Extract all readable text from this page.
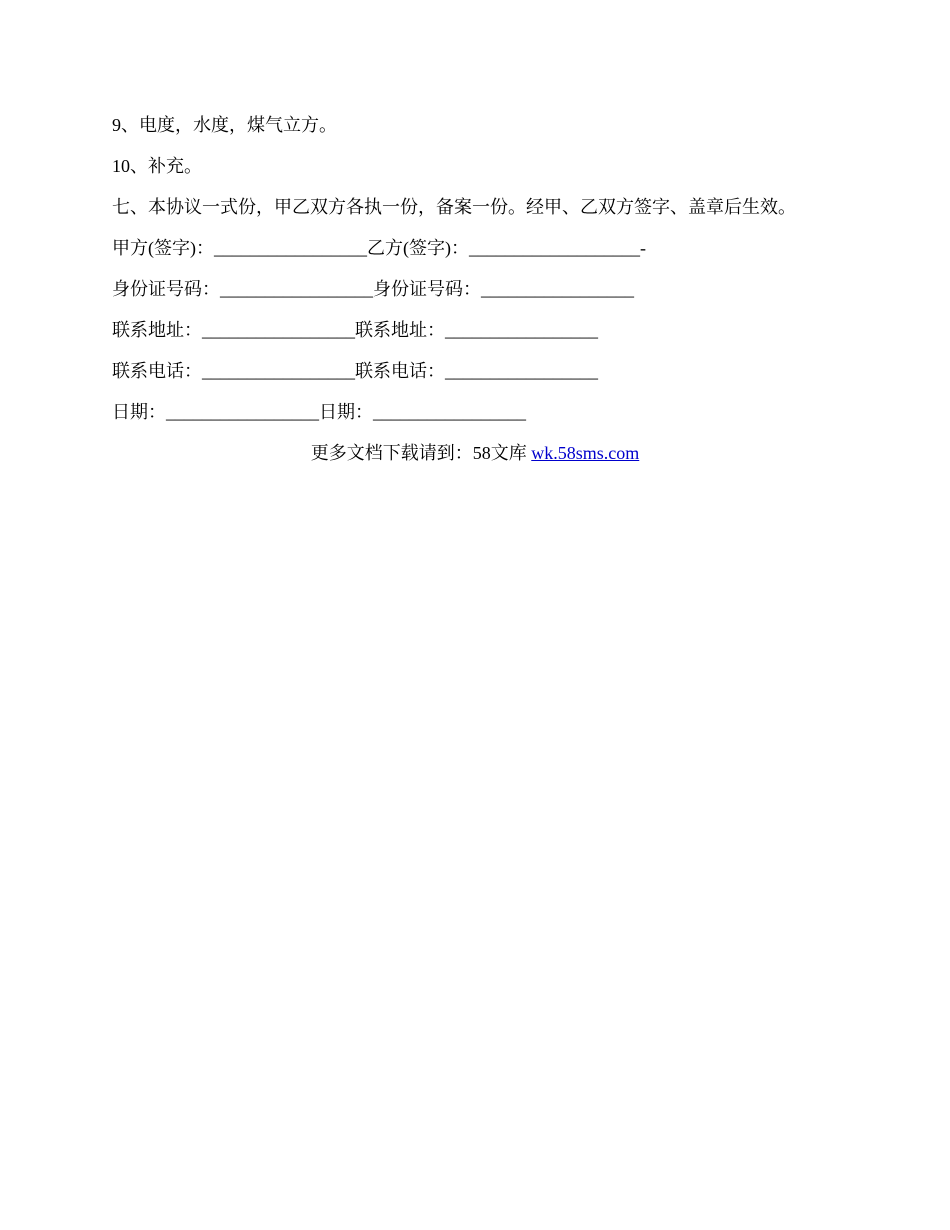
9、电度，水度，煤气立方。
10、补充。
七、本协议一式份，甲乙双方各执一份，备案一份。经甲、乙双方签字、盖章后生效。
甲方(签字)：_________________乙方(签字)：___________________-
身份证号码：_________________身份证号码：_________________
联系地址：_________________联系地址：_________________
联系电话：_________________联系电话：_________________
日期：_________________日期：_________________
更多文档下载请到：58文库 wk.58sms.com
